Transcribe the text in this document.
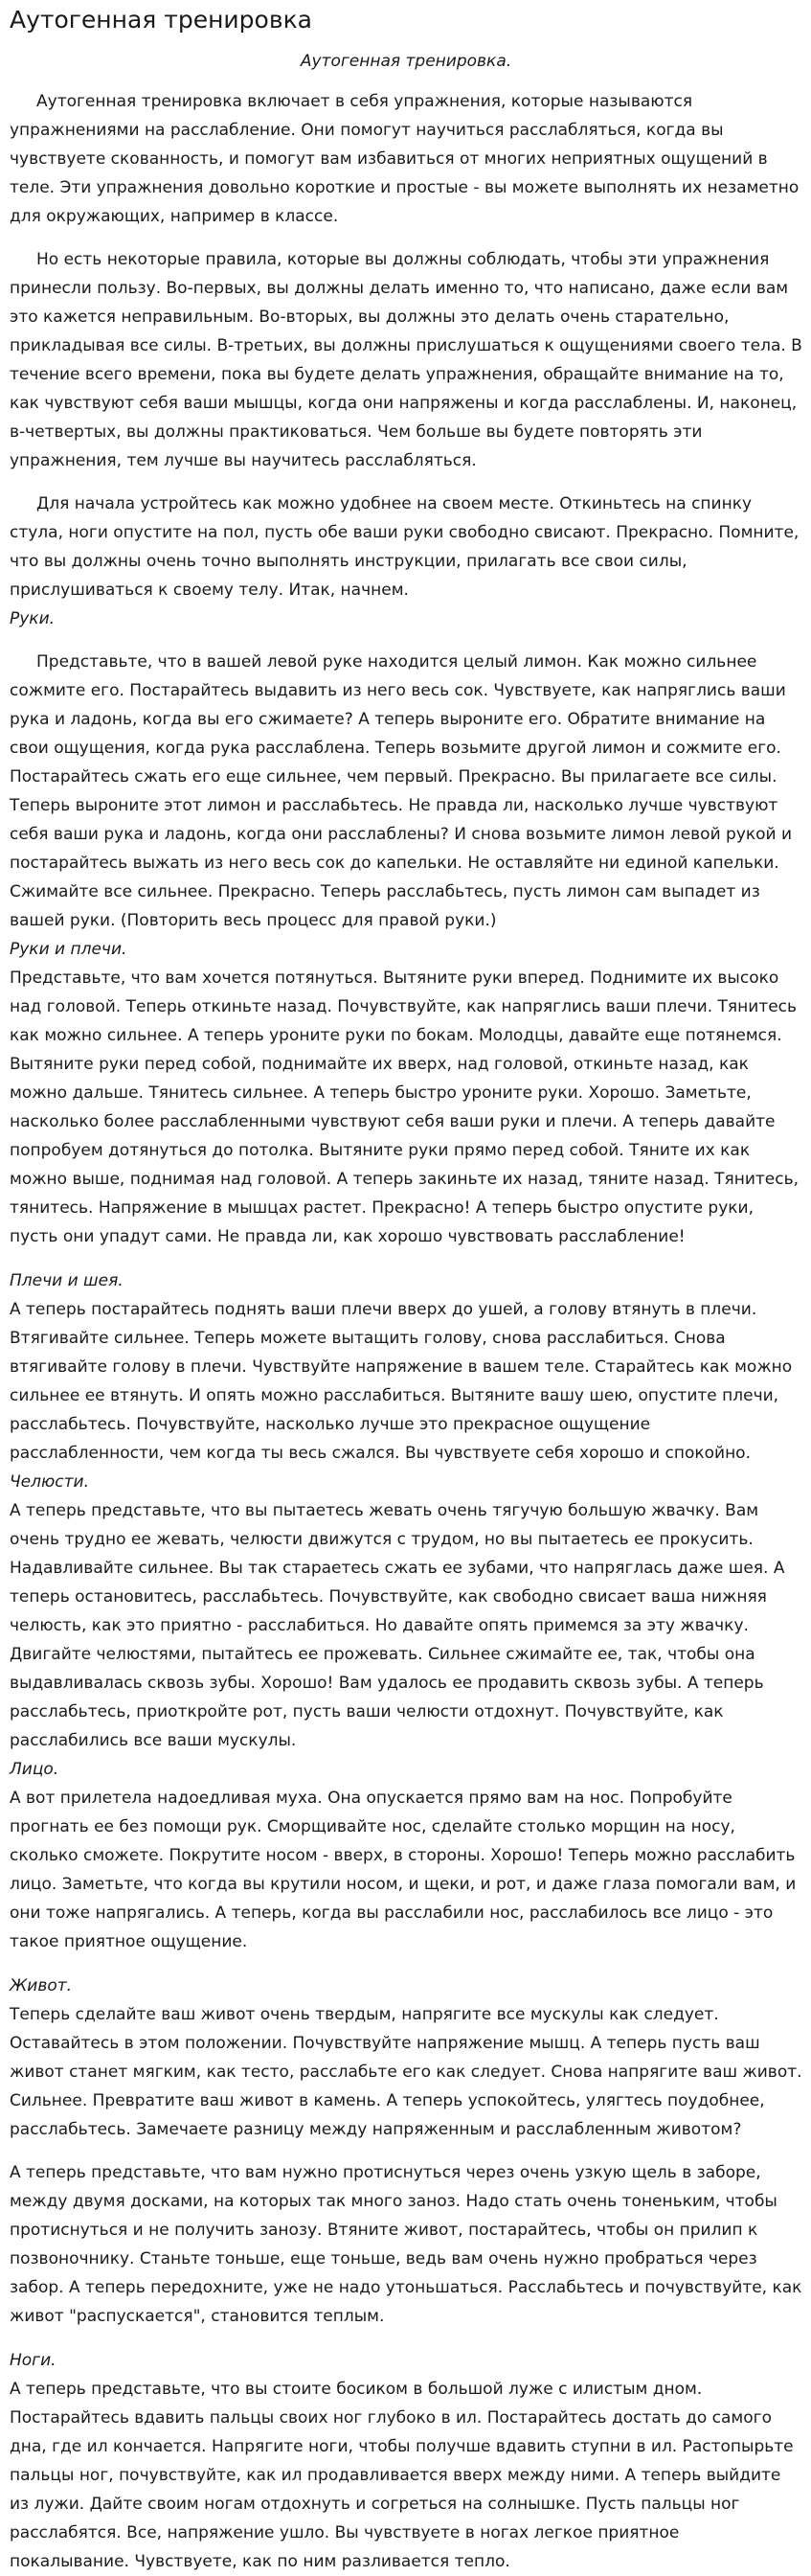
Аутогенная тренировка

Аутогенная тренировка.

Аутогенная тренировка включает в себя упражнения, которые называются упражнениями на расслабление. Они помогут научиться расслабляться, когда вы чувствуете скованность, и помогут вам избавиться от многих неприятных ощущений в теле. Эти упражнения довольно короткие и простые - вы можете выполнять их незаметно для окружающих, например в классе.

Но есть некоторые правила, которые вы должны соблюдать, чтобы эти упражнения принесли пользу. Во-первых, вы должны делать именно то, что написано, даже если вам это кажется неправильным. Во-вторых, вы должны это делать очень старательно, прикладывая все силы. В-третьих, вы должны прислушаться к ощущениями своего тела. В течение всего времени, пока вы будете делать упражнения, обращайте внимание на то, как чувствуют себя ваши мышцы, когда они напряжены и когда расслаблены. И, наконец, в-четвертых, вы должны практиковаться. Чем больше вы будете повторять эти упражнения, тем лучше вы научитесь расслабляться.

Для начала устройтесь как можно удобнее на своем месте. Откиньтесь на спинку стула, ноги опустите на пол, пусть обе ваши руки свободно свисают. Прекрасно. Помните, что вы должны очень точно выполнять инструкции, прилагать все свои силы, прислушиваться к своему телу. Итак, начнем.

Руки.

Представьте, что в вашей левой руке находится целый лимон. Как можно сильнее сожмите его. Постарайтесь выдавить из него весь сок. Чувствуете, как напряглись ваши рука и ладонь, когда вы его сжимаете? А теперь выроните его. Обратите внимание на свои ощущения, когда рука расслаблена. Теперь возьмите другой лимон и сожмите его. Постарайтесь сжать его еще сильнее, чем первый. Прекрасно. Вы прилагаете все силы. Теперь выроните этот лимон и расслабьтесь. Не правда ли, насколько лучше чувствуют себя ваши рука и ладонь, когда они расслаблены? И снова возьмите лимон левой рукой и постарайтесь выжать из него весь сок до капельки. Не оставляйте ни единой капельки. Сжимайте все сильнее. Прекрасно. Теперь расслабьтесь, пусть лимон сам выпадет из вашей руки. (Повторить весь процесс для правой руки.)

Руки и плечи.

Представьте, что вам хочется потянуться. Вытяните руки вперед. Поднимите их высоко над головой. Теперь откиньте назад. Почувствуйте, как напряглись ваши плечи. Тянитесь как можно сильнее. А теперь уроните руки по бокам. Молодцы, давайте еще потянемся. Вытяните руки перед собой, поднимайте их вверх, над головой, откиньте назад, как можно дальше. Тянитесь сильнее. А теперь быстро уроните руки. Хорошо. Заметьте, насколько более расслабленными чувствуют себя ваши руки и плечи. А теперь давайте попробуем дотянуться до потолка. Вытяните руки прямо перед собой. Тяните их как можно выше, поднимая над головой. А теперь закиньте их назад, тяните назад. Тянитесь, тянитесь. Напряжение в мышцах растет. Прекрасно! А теперь быстро опустите руки, пусть они упадут сами. Не правда ли, как хорошо чувствовать расслабление!

Плечи и шея.

А теперь постарайтесь поднять ваши плечи вверх до ушей, а голову втянуть в плечи. Втягивайте сильнее. Теперь можете вытащить голову, снова расслабиться. Снова втягивайте голову в плечи. Чувствуйте напряжение в вашем теле. Старайтесь как можно сильнее ее втянуть. И опять можно расслабиться. Вытяните вашу шею, опустите плечи, расслабьтесь. Почувствуйте, насколько лучше это прекрасное ощущение расслабленности, чем когда ты весь сжался. Вы чувствуете себя хорошо и спокойно.

Челюсти.

А теперь представьте, что вы пытаетесь жевать очень тягучую большую жвачку. Вам очень трудно ее жевать, челюсти движутся с трудом, но вы пытаетесь ее прокусить. Надавливайте сильнее. Вы так стараетесь сжать ее зубами, что напряглась даже шея. А теперь остановитесь, расслабьтесь. Почувствуйте, как свободно свисает ваша нижняя челюсть, как это приятно - расслабиться. Но давайте опять примемся за эту жвачку. Двигайте челюстями, пытайтесь ее прожевать. Сильнее сжимайте ее, так, чтобы она выдавливалась сквозь зубы. Хорошо! Вам удалось ее продавить сквозь зубы. А теперь расслабьтесь, приоткройте рот, пусть ваши челюсти отдохнут. Почувствуйте, как расслабились все ваши мускулы.

Лицо.

А вот прилетела надоедливая муха. Она опускается прямо вам на нос. Попробуйте прогнать ее без помощи рук. Сморщивайте нос, сделайте столько морщин на носу, сколько сможете. Покрутите носом - вверх, в стороны. Хорошо! Теперь можно расслабить лицо. Заметьте, что когда вы крутили носом, и щеки, и рот, и даже глаза помогали вам, и они тоже напрягались. А теперь, когда вы расслабили нос, расслабилось все лицо - это такое приятное ощущение.

Живот.

Теперь сделайте ваш живот очень твердым, напрягите все мускулы как следует. Оставайтесь в этом положении. Почувствуйте напряжение мышц. А теперь пусть ваш живот станет мягким, как тесто, расслабьте его как следует. Снова напрягите ваш живот. Сильнее. Превратите ваш живот в камень. А теперь успокойтесь, улягтесь поудобнее, расслабьтесь. Замечаете разницу между напряженным и расслабленным животом?

А теперь представьте, что вам нужно протиснуться через очень узкую щель в заборе, между двумя досками, на которых так много заноз. Надо стать очень тоненьким, чтобы протиснуться и не получить занозу. Втяните живот, постарайтесь, чтобы он прилип к позвоночнику. Станьте тоньше, еще тоньше, ведь вам очень нужно пробраться через забор. А теперь передохните, уже не надо утоньшаться. Расслабьтесь и почувствуйте, как живот "распускается", становится теплым.

Ноги.

А теперь представьте, что вы стоите босиком в большой луже с илистым дном. Постарайтесь вдавить пальцы своих ног глубоко в ил. Постарайтесь достать до самого дна, где ил кончается. Напрягите ноги, чтобы получше вдавить ступни в ил. Растопырьте пальцы ног, почувствуйте, как ил продавливается вверх между ними. А теперь выйдите из лужи. Дайте своим ногам отдохнуть и согреться на солнышке. Пусть пальцы ног расслабятся. Все, напряжение ушло. Вы чувствуете в ногах легкое приятное покалывание. Чувствуете, как по ним разливается тепло.
